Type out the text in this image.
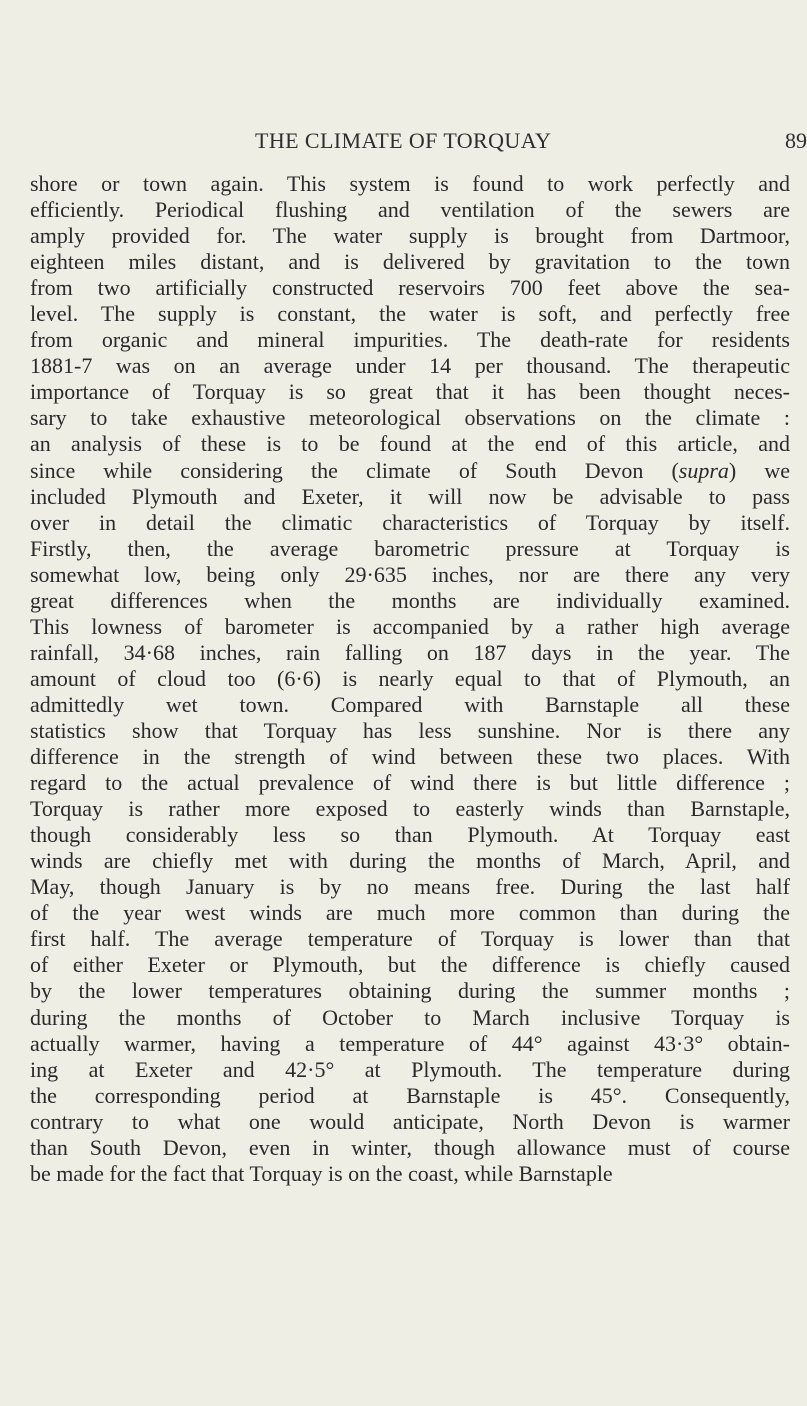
THE CLIMATE OF TORQUAY	89
shore or town again. This system is found to work perfectly and
efficiently. Periodical flushing and ventilation of the sewers are
amply provided for. The water supply is brought from Dartmoor,
eighteen miles distant, and is delivered by gravitation to the town
from two artificially constructed reservoirs 700 feet above the sea-
level. The supply is constant, the water is soft, and perfectly free
from organic and mineral impurities. The death-rate for residents
1881-7 was on an average under 14 per thousand. The therapeutic
importance of Torquay is so great that it has been thought neces-
sary to take exhaustive meteorological observations on the climate :
an analysis of these is to be found at the end of this article, and
since while considering the climate of South Devon (supra) we
included Plymouth and Exeter, it will now be advisable to pass
over in detail the climatic characteristics of Torquay by itself.
Firstly, then, the average barometric pressure at Torquay is
somewhat low, being only 29·635 inches, nor are there any very
great differences when the months are individually examined.
This lowness of barometer is accompanied by a rather high average
rainfall, 34·68 inches, rain falling on 187 days in the year. The
amount of cloud too (6·6) is nearly equal to that of Plymouth, an
admittedly wet town. Compared with Barnstaple all these
statistics show that Torquay has less sunshine. Nor is there any
difference in the strength of wind between these two places. With
regard to the actual prevalence of wind there is but little difference ;
Torquay is rather more exposed to easterly winds than Barnstaple,
though considerably less so than Plymouth. At Torquay east
winds are chiefly met with during the months of March, April, and
May, though January is by no means free. During the last half
of the year west winds are much more common than during the
first half. The average temperature of Torquay is lower than that
of either Exeter or Plymouth, but the difference is chiefly caused
by the lower temperatures obtaining during the summer months ;
during the months of October to March inclusive Torquay is
actually warmer, having a temperature of 44° against 43·3° obtain-
ing at Exeter and 42·5° at Plymouth. The temperature during
the corresponding period at Barnstaple is 45°. Consequently,
contrary to what one would anticipate, North Devon is warmer
than South Devon, even in winter, though allowance must of course
be made for the fact that Torquay is on the coast, while Barnstaple
